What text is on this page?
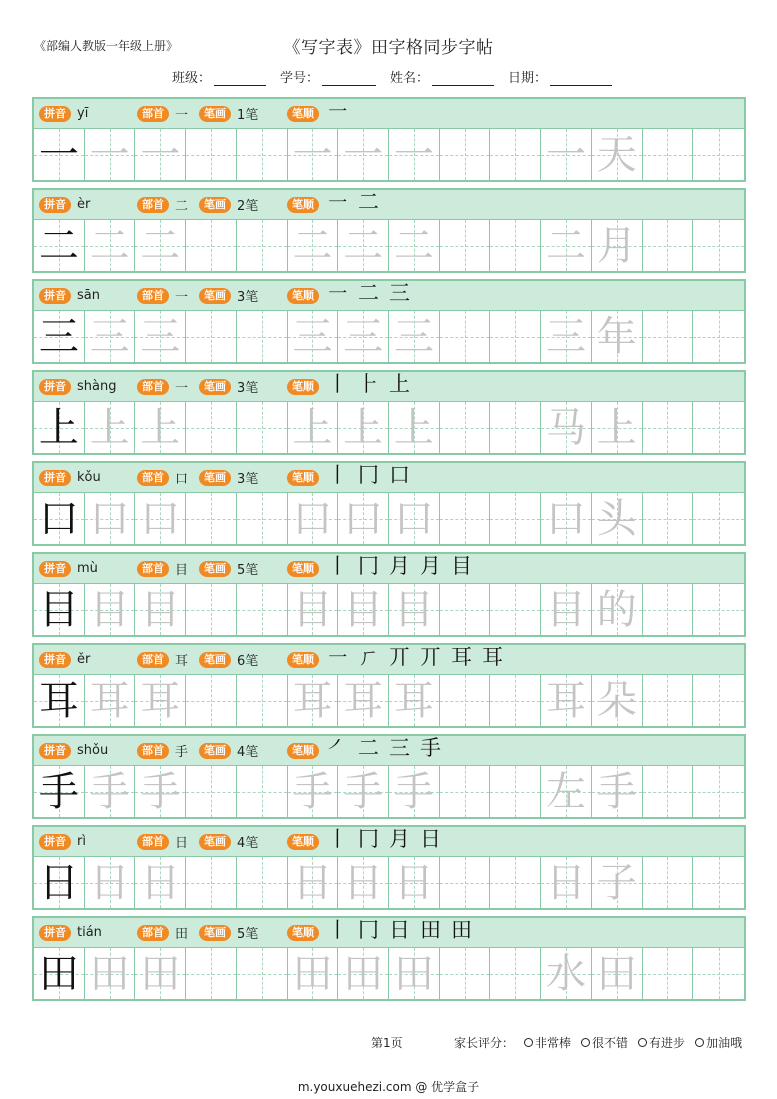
《部编人教版一年级上册》	《写字表》田字格同步字帖
班级：	学号：	姓名：	日期：
拼音 yī	部首 一	笔画 1笔	笔顺 ㇐
一 一 一	一 一 一	一 天
拼音 èr	部首 二	笔画 2笔	笔顺 ㇐ 二
二 二 二	二 二 二	二 月
拼音 sān	部首 一	笔画 3笔	笔顺 ㇐ 二 三
三 三 三	三 三 三	三 年
拼音 shàng	部首 一	笔画 3笔	笔顺 丨 ⺊ 上
上 上 上	上 上 上	马 上
拼音 kǒu	部首 口	笔画 3笔	笔顺 丨 冂 口
口 口 口	口 口 口	口 头
拼音 mù	部首 目	笔画 5笔	笔顺 丨 冂 月 月 目
目 目 目	目 目 目	目 的
拼音 ěr	部首 耳	笔画 6笔	笔顺 ㇐ ㄏ 丌 丌 耳 耳
耳 耳 耳	耳 耳 耳	耳 朵
拼音 shǒu	部首 手	笔画 4笔	笔顺 ㇒ 二 三 手
手 手 手	手 手 手	左 手
拼音 rì	部首 日	笔画 4笔	笔顺 丨 冂 月 日
日 日 日	日 日 日	日 子
拼音 tián	部首 田	笔画 5笔	笔顺 丨 冂 日 田 田
田 田 田	田 田 田	水 田
第1页	家长评分： 非常棒 很不错 有进步 加油哦
m.youxuehezi.com @ 优学盒子
